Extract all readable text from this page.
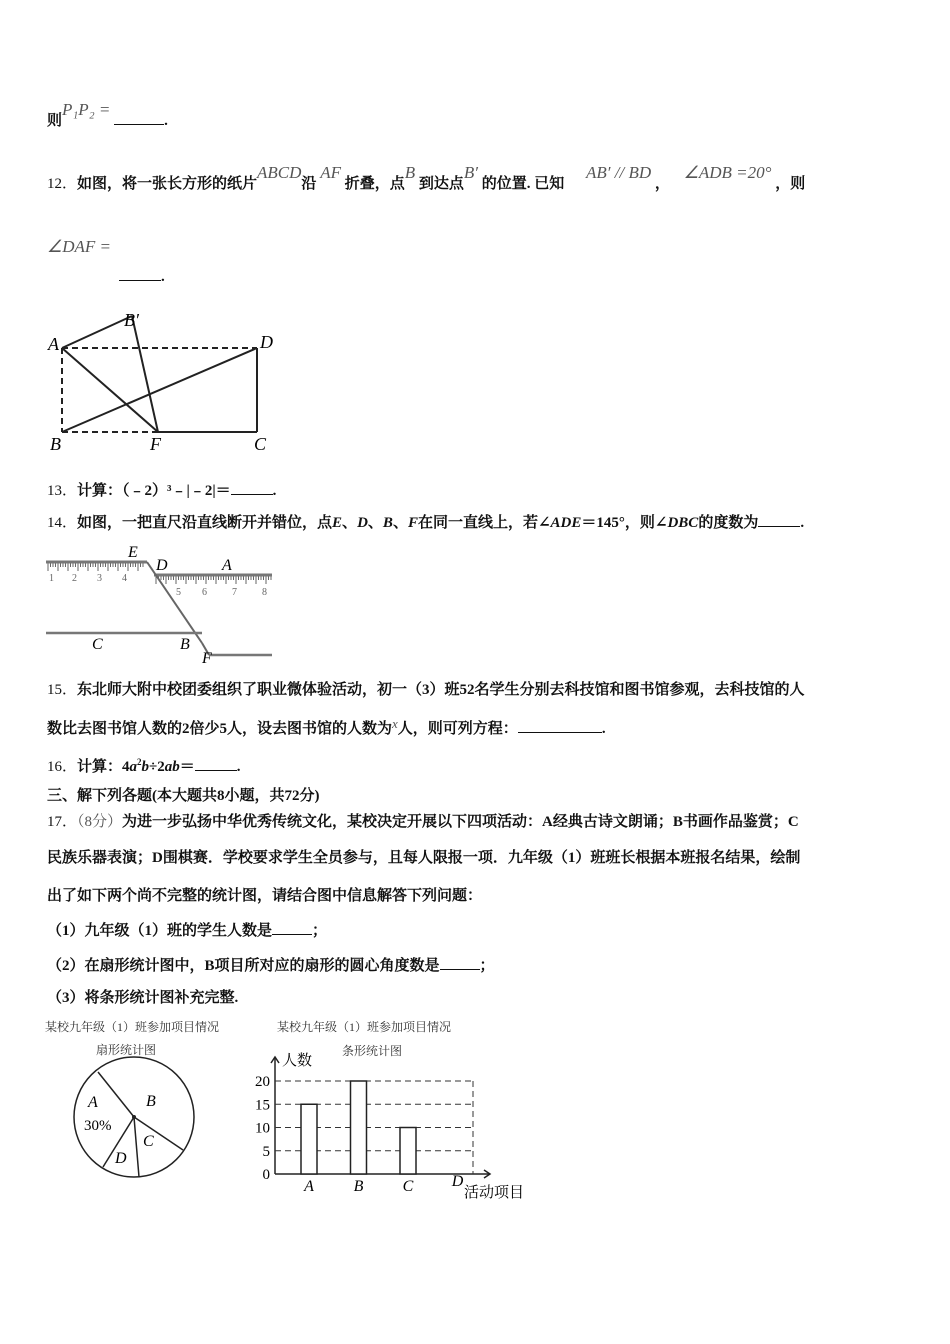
则P₁P₂ = .
12．如图，将一张长方形的纸片ABCD沿 AF 折叠，点B 到达点B′ 的位置. 已知 AB′ // BD ， ∠ADB =20° ，则
∠DAF =
.
A
B′
D
B	F	C
13．计算：（﹣2）³﹣|﹣2|＝	.
14．如图，一把直尺沿直线断开并错位，点E、D、B、F在同一直线上，若∠ADE＝145°，则∠DBC的度数为	.
1 2 3 4
5 6	7	8
E
D	A
C	B
F
15．东北师大附中校团委组织了职业微体验活动，初一（3）班52名学生分别去科技馆和图书馆参观，去科技馆的人
数比去图书馆人数的2倍少5人，设去图书馆的人数为x人，则可列方程：	.
16．计算：$4a^2b\div 2ab=$	.
三、解下列各题(本大题共8小题，共72分)
17．（8分）为进一步弘扬中华优秀传统文化，某校决定开展以下四项活动：A经典古诗文朗诵；B书画作品鉴赏；C
民族乐器表演；D围棋赛．学校要求学生全员参与，且每人限报一项．九年级（1）班班长根据本班报名结果，绘制
出了如下两个尚不完整的统计图，请结合图中信息解答下列问题：
（1）九年级（1）班的学生人数是	；
（2）在扇形统计图中，B项目所对应的扇形的圆心角度数是	；
（3）将条形统计图补充完整.
某校九年级（1）班参加项目情况
扇形统计图
A
30%
B
C
D
某校九年级（1）班参加项目情况
条形统计图
人数
活动项目
0
5
10
15
20
A B C D
